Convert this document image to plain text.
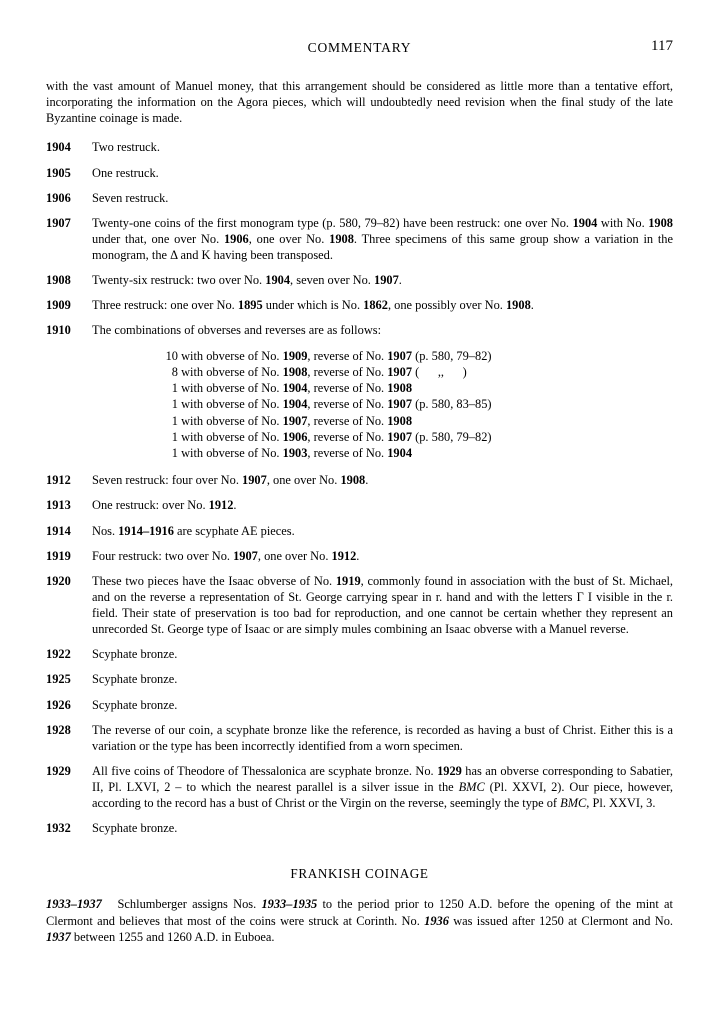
COMMENTARY	117

with the vast amount of Manuel money, that this arrangement should be considered as little more than a tentative effort, incorporating the information on the Agora pieces, which will undoubtedly need revision when the final study of the late Byzantine coinage is made.

1904	Two restruck.
1905	One restruck.
1906	Seven restruck.
1907	Twenty-one coins of the first monogram type (p. 580, 79–82) have been restruck: one over No. 1904 with No. 1908 under that, one over No. 1906, one over No. 1908. Three specimens of this same group show a variation in the monogram, the Δ and Κ having been transposed.
1908	Twenty-six restruck: two over No. 1904, seven over No. 1907.
1909	Three restruck: one over No. 1895 under which is No. 1862, one possibly over No. 1908.
1910	The combinations of obverses and reverses are as follows:
10 with obverse of No. 1909, reverse of No. 1907 (p. 580, 79–82)
8 with obverse of No. 1908, reverse of No. 1907 (      ,,      )
1 with obverse of No. 1904, reverse of No. 1908
1 with obverse of No. 1904, reverse of No. 1907 (p. 580, 83–85)
1 with obverse of No. 1907, reverse of No. 1908
1 with obverse of No. 1906, reverse of No. 1907 (p. 580, 79–82)
1 with obverse of No. 1903, reverse of No. 1904
1912	Seven restruck: four over No. 1907, one over No. 1908.
1913	One restruck: over No. 1912.
1914	Nos. 1914–1916 are scyphate AE pieces.
1919	Four restruck: two over No. 1907, one over No. 1912.
1920	These two pieces have the Isaac obverse of No. 1919, commonly found in association with the bust of St. Michael, and on the reverse a representation of St. George carrying spear in r. hand and with the letters Γ I visible in the r. field. Their state of preservation is too bad for reproduction, and one cannot be certain whether they represent an unrecorded St. George type of Isaac or are simply mules combining an Isaac obverse with a Manuel reverse.
1922	Scyphate bronze.
1925	Scyphate bronze.
1926	Scyphate bronze.
1928	The reverse of our coin, a scyphate bronze like the reference, is recorded as having a bust of Christ. Either this is a variation or the type has been incorrectly identified from a worn specimen.
1929	All five coins of Theodore of Thessalonica are scyphate bronze. No. 1929 has an obverse corresponding to Sabatier, II, Pl. LXVI, 2 – to which the nearest parallel is a silver issue in the BMC (Pl. XXVI, 2). Our piece, however, according to the record has a bust of Christ or the Virgin on the reverse, seemingly the type of BMC, Pl. XXVI, 3.
1932	Scyphate bronze.
FRANKISH COINAGE

1933–1937   Schlumberger assigns Nos. 1933–1935 to the period prior to 1250 A.D. before the opening of the mint at Clermont and believes that most of the coins were struck at Corinth. No. 1936 was issued after 1250 at Clermont and No. 1937 between 1255 and 1260 A.D. in Euboea.
